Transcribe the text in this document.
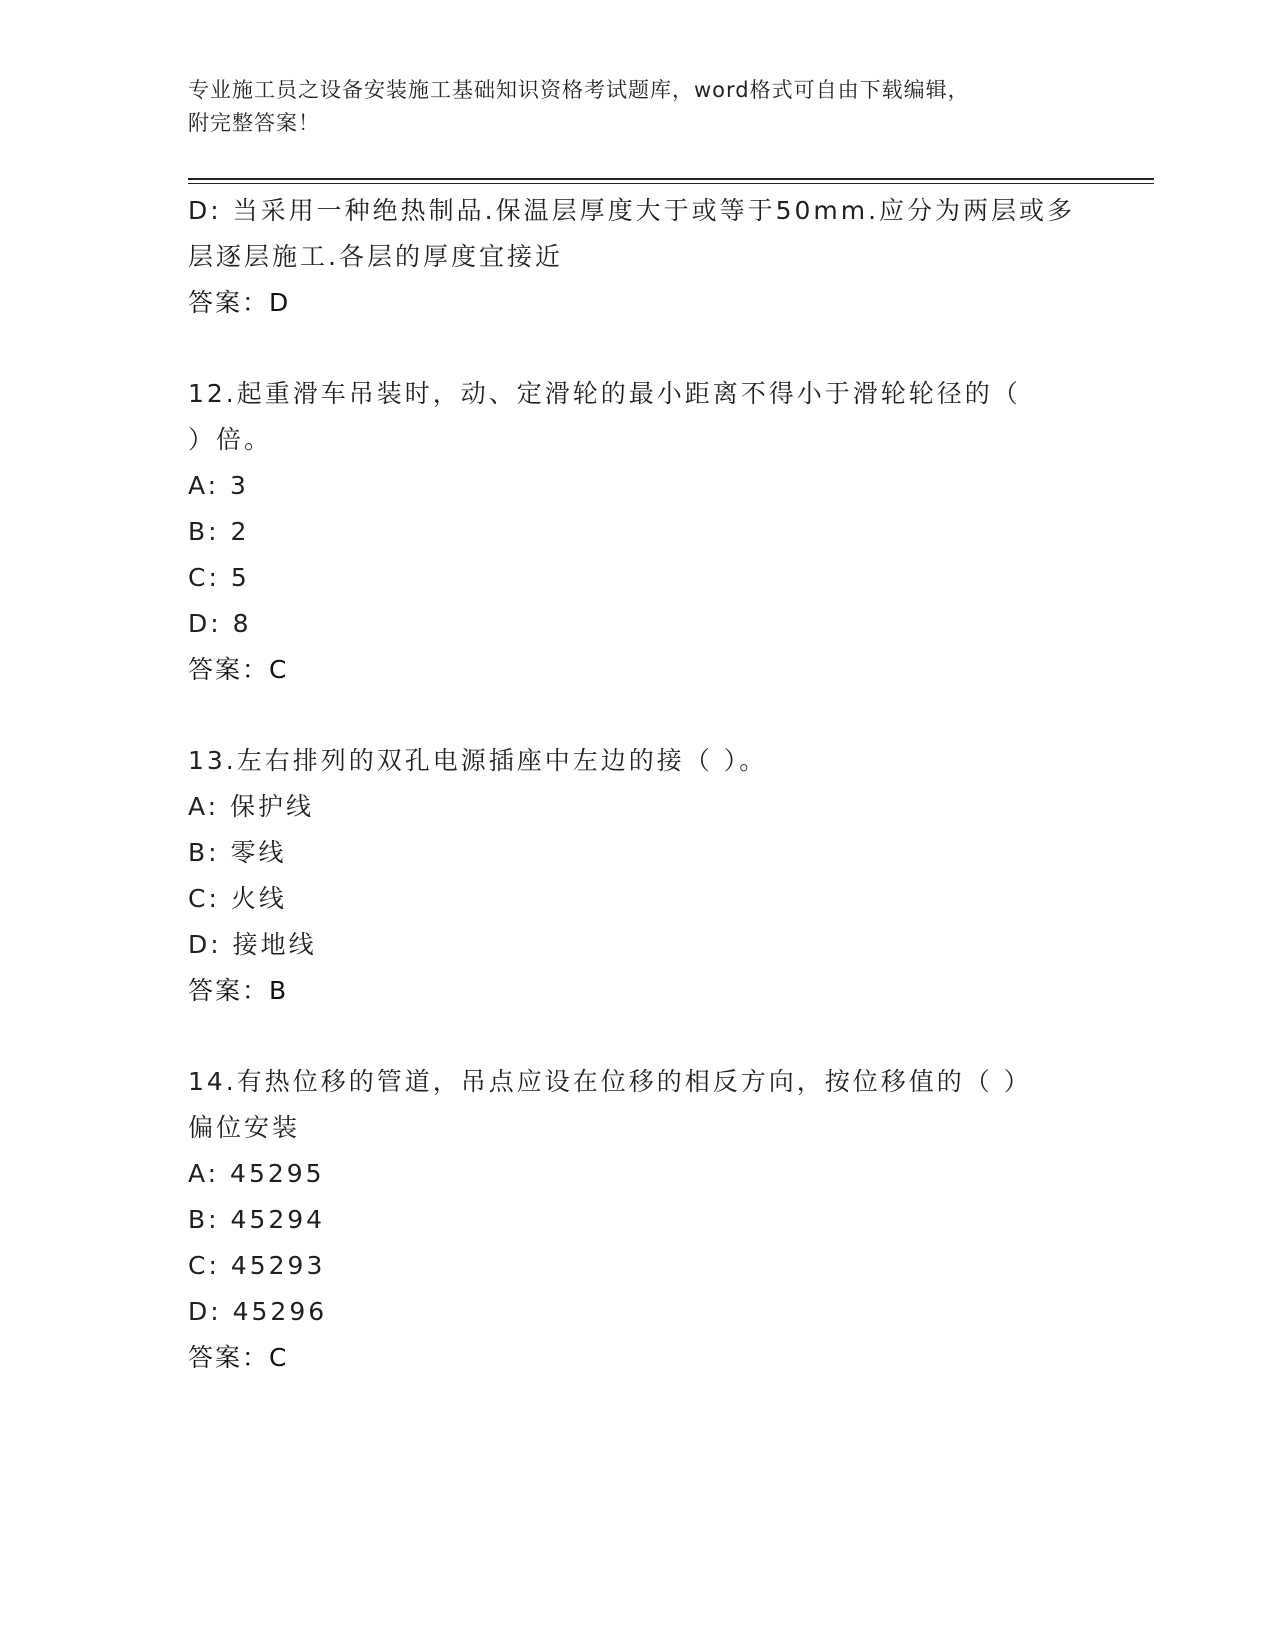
专业施工员之设备安装施工基础知识资格考试题库，word格式可自由下载编辑，
附完整答案！
D: 当采用一种绝热制品.保温层厚度大于或等于50mm.应分为两层或多
层逐层施工.各层的厚度宜接近
答案：D
12.起重滑车吊装时，动、定滑轮的最小距离不得小于滑轮轮径的（
）倍。
A: 3
B: 2
C: 5
D: 8
答案：C
13.左右排列的双孔电源插座中左边的接（ ）。
A: 保护线
B: 零线
C: 火线
D: 接地线
答案：B
14.有热位移的管道，吊点应设在位移的相反方向，按位移值的（ ）
偏位安装
A: 45295
B: 45294
C: 45293
D: 45296
答案：C
